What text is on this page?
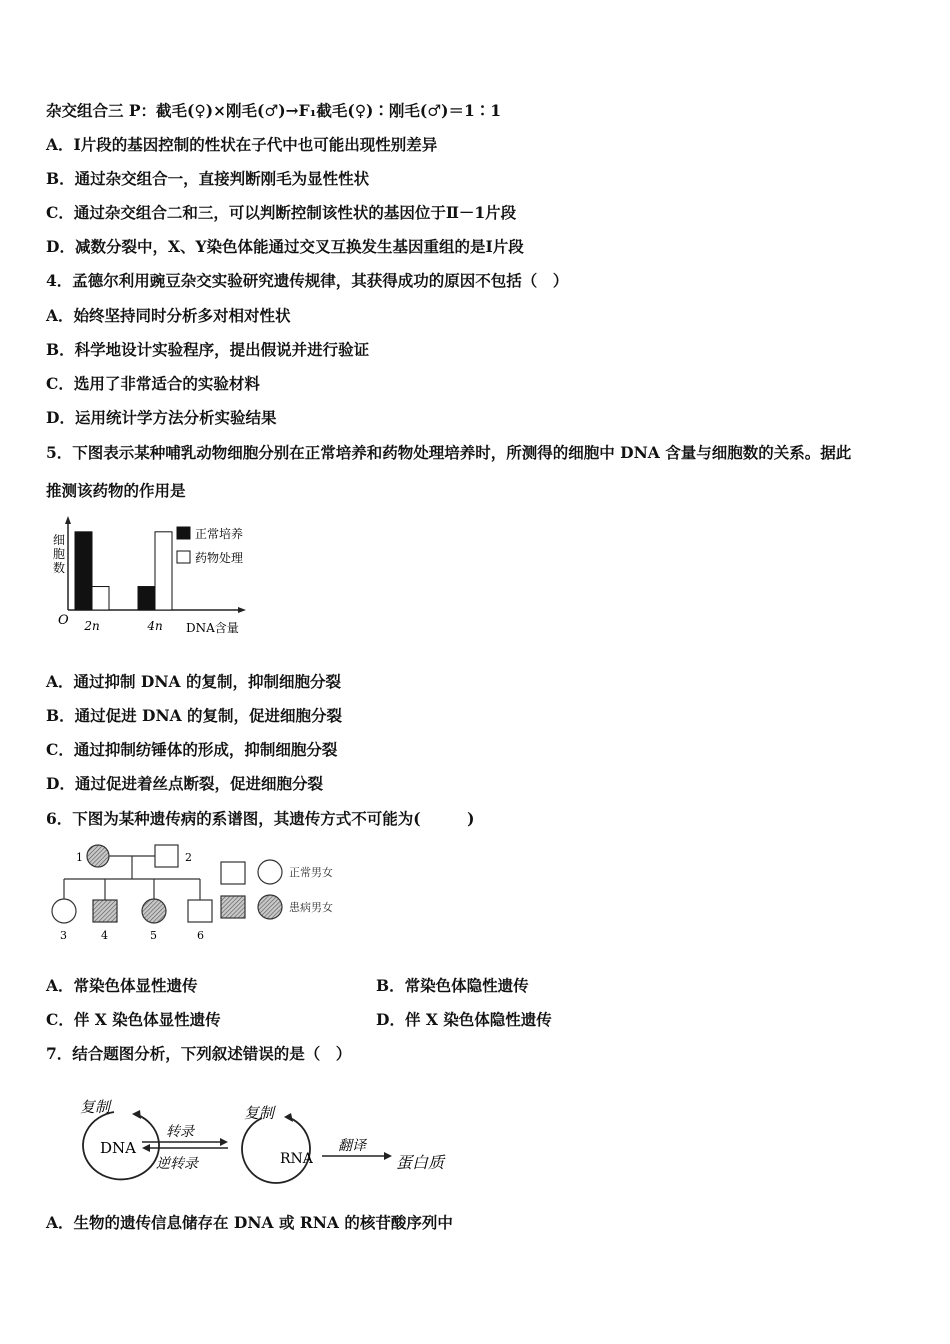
杂交组合三 P：截毛(♀)×刚毛(♂)→F₁截毛(♀)∶刚毛(♂)＝1∶1
A．Ⅰ片段的基因控制的性状在子代中也可能出现性别差异
B．通过杂交组合一，直接判断刚毛为显性性状
C．通过杂交组合二和三，可以判断控制该性状的基因位于Ⅱ－1片段
D．减数分裂中，X、Y染色体能通过交叉互换发生基因重组的是Ⅰ片段
4．孟德尔利用豌豆杂交实验研究遗传规律，其获得成功的原因不包括（　）
A．始终坚持同时分析多对相对性状
B．科学地设计实验程序，提出假说并进行验证
C．选用了非常适合的实验材料
D．运用统计学方法分析实验结果
5．下图表示某种哺乳动物细胞分别在正常培养和药物处理培养时，所测得的细胞中 DNA 含量与细胞数的关系。据此
推测该药物的作用是
细
胞
数
O 2n	4n DNA含量
正常培养
药物处理
A．通过抑制 DNA 的复制，抑制细胞分裂
B．通过促进 DNA 的复制，促进细胞分裂
C．通过抑制纺锤体的形成，抑制细胞分裂
D．通过促进着丝点断裂，促进细胞分裂
6．下图为某种遗传病的系谱图，其遗传方式不可能为(　　　)
1	2
3	4	5	6
正常男女
患病男女
A．常染色体显性遗传	B．常染色体隐性遗传
C．伴 X 染色体显性遗传	D．伴 X 染色体隐性遗传
7．结合题图分析，下列叙述错误的是（　）
复制
DNA
转录
逆转录
复制
RNA
翻译
蛋白质
A．生物的遗传信息储存在 DNA 或 RNA 的核苷酸序列中
